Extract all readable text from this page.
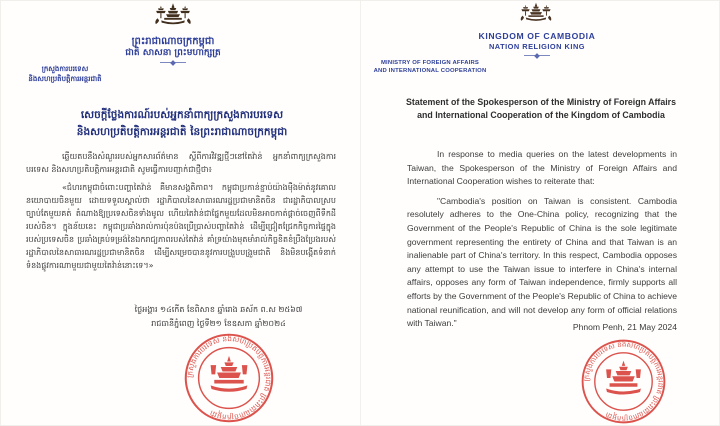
ព្រះរាជាណាចក្រកម្ពុជា
ជាតិ សាសនា ព្រះមហាក្សត្រ
ក្រសួងការបរទេស
និងសហប្រតិបត្តិការអន្តរជាតិ
សេចក្តីថ្លែងការណ៍របស់អ្នកនាំពាក្យក្រសួងការបរទេស
និងសហប្រតិបត្តិការអន្តរជាតិ នៃព្រះរាជាណាចក្រកម្ពុជា

ឆ្លើយតបនឹងសំណួររបស់អ្នកសារព័ត៌មាន ស្តីពីការវិវឌ្ឍថ្មីៗនៅតៃវ៉ាន់ អ្នកនាំពាក្យក្រសួងការបរទេស និងសហប្រតិបត្តិការអន្តរជាតិ សូមធ្វើការបញ្ជាក់ជាថ្មីថា៖

«ជំហរកម្ពុជាចំពោះបញ្ហាតៃវ៉ាន់ គឺមានសង្គតិភាព។ កម្ពុជាប្រកាន់ខ្ជាប់យ៉ាងម៉ឺងម៉ាត់នូវគោលនយោបាយចិនមួយ ដោយទទួលស្គាល់ថា រដ្ឋាភិបាលនៃសាធារណរដ្ឋប្រជាមានិតចិន ជារដ្ឋាភិបាលស្របច្បាប់តែមួយគត់ តំណាងឱ្យប្រទេសចិនទាំងមូល ហើយតៃវ៉ាន់ជាផ្នែកមួយដែលមិនអាចកាត់ផ្តាច់ចេញពីទឹកដីរបស់ចិន។ ក្នុងន័យនេះ កម្ពុជាប្រឆាំងរាល់ការប៉ុនប៉ងប្រើប្រាស់បញ្ហាតៃវ៉ាន់ ដើម្បីជ្រៀតជ្រែកកិច្ចការផ្ទៃក្នុងរបស់ប្រទេសចិន ប្រឆាំងគ្រប់ទម្រង់នៃឯករាជ្យភាពរបស់តៃវ៉ាន់ គាំទ្រយ៉ាងមុតមាំរាល់កិច្ចខិតខំប្រឹងប្រែងរបស់រដ្ឋាភិបាលនៃសាធារណរដ្ឋប្រជាមានិតចិន ដើម្បីសម្រេចបាននូវការបង្រួបបង្រួមជាតិ និងមិនបង្កើតទំនាក់ទំនងផ្លូវការណាមួយជាមួយតៃវ៉ាន់នោះទេ។»

ថ្ងៃអង្គារ ១៤កើត ខែពិសាខ ឆ្នាំរោង ឆស័ក ព.ស ២៥៦៧
រាជធានីភ្នំពេញ ថ្ងៃទី២១ ខែឧសភា ឆ្នាំ២០២៤
ក្រសួងការបរទេស និងសហប្រតិបត្តិការអន្តរជាតិ ព្រះរាជាណាចក្រកម្ពុជា
KINGDOM OF CAMBODIA
NATION RELIGION KING
MINISTRY OF FOREIGN AFFAIRS
AND INTERNATIONAL COOPERATION
Statement of the Spokesperson of the Ministry of Foreign Affairs
and International Cooperation of the Kingdom of Cambodia

In response to media queries on the latest developments in Taiwan, the Spokesperson of the Ministry of Foreign Affairs and International Cooperation wishes to reiterate that:

"Cambodia's position on Taiwan is consistent. Cambodia resolutely adheres to the One-China policy, recognizing that the Government of the People's Republic of China is the sole legitimate government representing the entirety of China and that Taiwan is an inalienable part of China's territory. In this respect, Cambodia opposes any attempt to use the Taiwan issue to interfere in China's internal affairs, opposes any form of Taiwan independence, firmly supports all efforts by the Government of the People's Republic of China to achieve national reunification, and will not develop any form of official relations with Taiwan."	Phnom Penh, 21 May 2024
ក្រសួងការបរទេស និងសហប្រតិបត្តិការអន្តរជាតិ ព្រះរាជាណាចក្រកម្ពុជា
